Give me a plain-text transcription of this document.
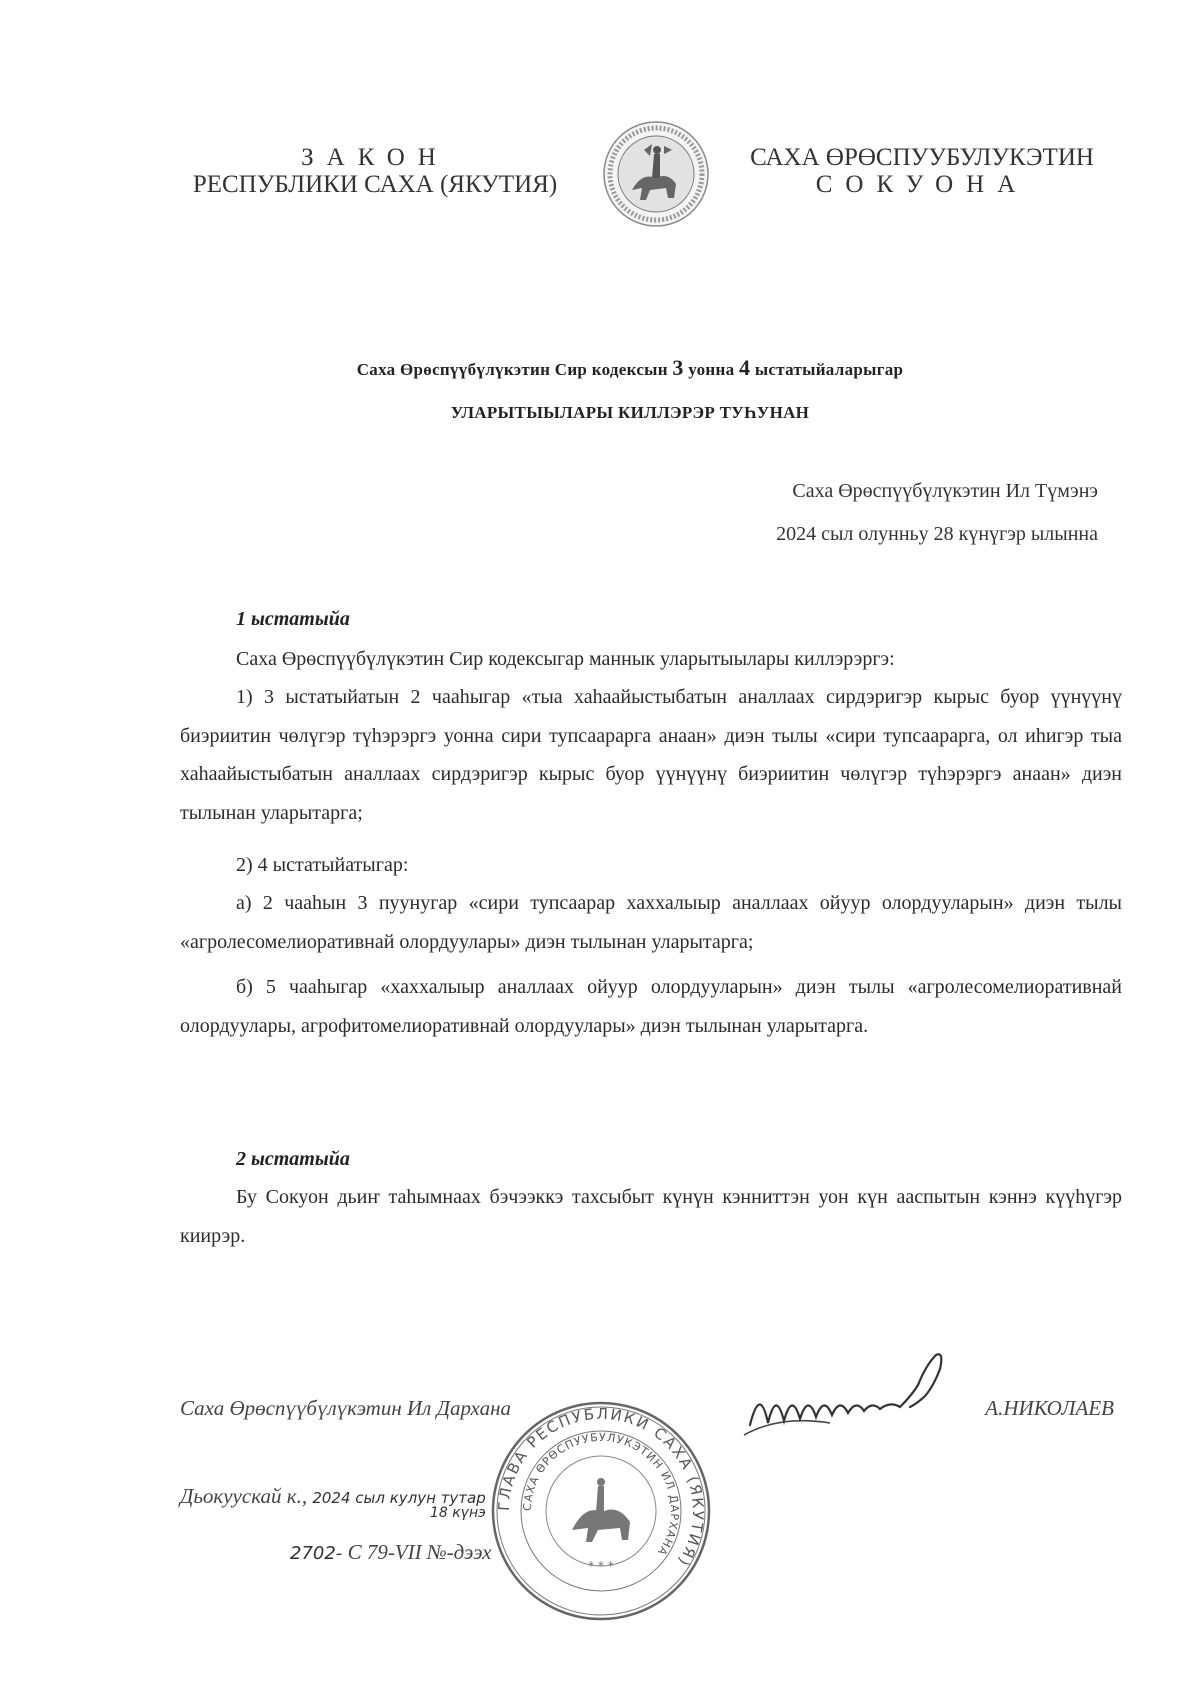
ЗАКОН
РЕСПУБЛИКИ САХА (ЯКУТИЯ)
САХА ӨРӨСПУУБУЛУКЭТИН
СОКУОНА
Саха Өрөспүүбүлүкэтин Сир кодексын 3 уонна 4 ыстатыйаларыгар
УЛАРЫТЫЫЛАРЫ КИЛЛЭРЭР ТУҺУНАН
Саха Өрөспүүбүлүкэтин Ил Түмэнэ
2024 сыл олунньу 28 күнүгэр ылынна
1 ыстатыйа
Саха Өрөспүүбүлүкэтин Сир кодексыгар маннык уларытыылары киллэрэргэ:
1) 3 ыстатыйатын 2 чааһыгар «тыа хаһаайыстыбатын аналлаах сирдэригэр кырыс буор үүнүүнү биэриитин чөлүгэр түһэрэргэ уонна сири тупсаарарга анаан» диэн тылы «сири тупсаарарга, ол иһигэр тыа хаһаайыстыбатын аналлаах сирдэригэр кырыс буор үүнүүнү биэриитин чөлүгэр түһэрэргэ анаан» диэн тылынан уларытарга;
2) 4 ыстатыйатыгар:
а) 2 чааһын 3 пуунугар «сири тупсаарар хаххалыыр аналлаах ойуур олордууларын» диэн тылы «агролесомелиоративнай олордуулары» диэн тылынан уларытарга;
б) 5 чааһыгар «хаххалыыр аналлаах ойуур олордууларын» диэн тылы «агролесомелиоративнай олордуулары, агрофитомелиоративнай олордуулары» диэн тылынан уларытарга.
2 ыстатыйа
Бу Сокуон дьиҥ таһымнаах бэчээккэ тахсыбыт күнүн кэнниттэн уон күн ааспытын кэннэ күүһүгэр киирэр.
Саха Өрөспүүбүлүкэтин Ил Дархана	А.НИКОЛАЕВ
Дьокуускай к., 2024 сыл кулун тутар
18 күнэ
2702- С 79-VII №-дээх
ГЛАВА РЕСПУБЛИКИ САХА (ЯКУТИЯ)
САХА ӨРӨСПУУБУЛУКЭТИН ИЛ ДАРХАНА
* * *
